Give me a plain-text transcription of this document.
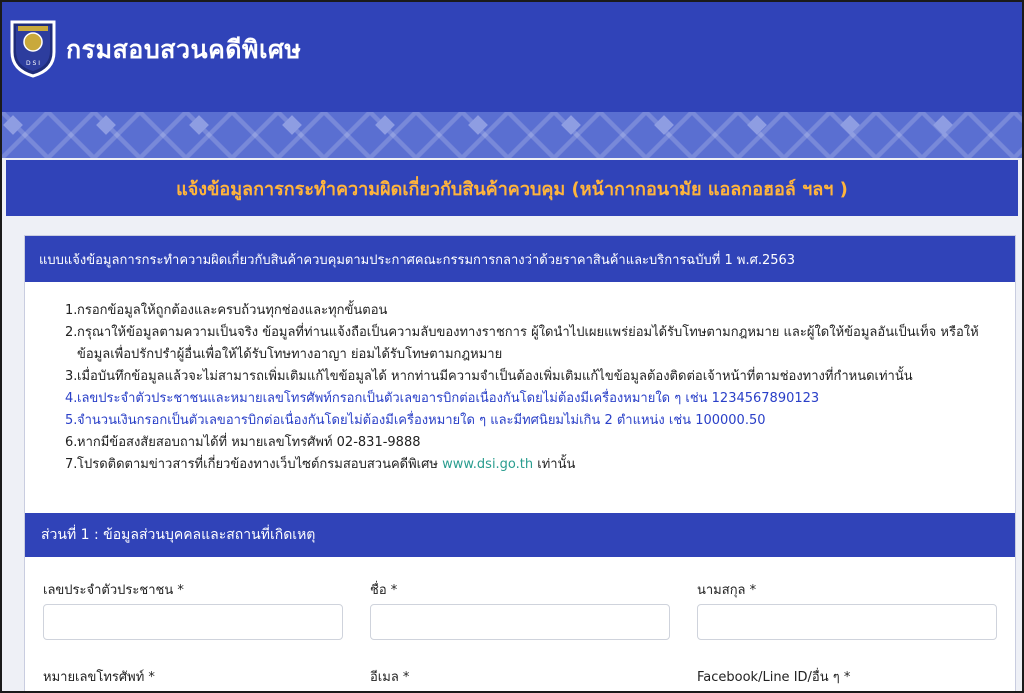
D S I กรมสอบสวนคดีพิเศษ
แจ้งข้อมูลการกระทำความผิดเกี่ยวกับสินค้าควบคุม (หน้ากากอนามัย แอลกอฮอล์ ฯลฯ )
แบบแจ้งข้อมูลการกระทำความผิดเกี่ยวกับสินค้าควบคุมตามประกาศคณะกรรมการกลางว่าด้วยราคาสินค้าและบริการฉบับที่ 1 พ.ศ.2563
1. กรอกข้อมูลให้ถูกต้องและครบถ้วนทุกช่องและทุกขั้นตอน
2. กรุณาให้ข้อมูลตามความเป็นจริง ข้อมูลที่ท่านแจ้งถือเป็นความลับของทางราชการ ผู้ใดนำไปเผยแพร่ย่อมได้รับโทษตามกฎหมาย และผู้ใดให้ข้อมูลอันเป็นเท็จ หรือให้ข้อมูลเพื่อปรักปรำผู้อื่นเพื่อให้ได้รับโทษทางอาญา ย่อมได้รับโทษตามกฎหมาย
3. เมื่อบันทึกข้อมูลแล้วจะไม่สามารถเพิ่มเติมแก้ไขข้อมูลได้ หากท่านมีความจำเป็นต้องเพิ่มเติมแก้ไขข้อมูลต้องติดต่อเจ้าหน้าที่ตามช่องทางที่กำหนดเท่านั้น
4. เลขประจำตัวประชาชนและหมายเลขโทรศัพท์กรอกเป็นตัวเลขอารบิกต่อเนื่องกันโดยไม่ต้องมีเครื่องหมายใด ๆ เช่น 1234567890123
5. จำนวนเงินกรอกเป็นตัวเลขอารบิกต่อเนื่องกันโดยไม่ต้องมีเครื่องหมายใด ๆ และมีทศนิยมไม่เกิน 2 ตำแหน่ง เช่น 100000.50
6. หากมีข้อสงสัยสอบถามได้ที่ หมายเลขโทรศัพท์ 02-831-9888
7. โปรดติดตามข่าวสารที่เกี่ยวข้องทางเว็บไซต์กรมสอบสวนคดีพิเศษ www.dsi.go.th เท่านั้น
ส่วนที่ 1 : ข้อมูลส่วนบุคคลและสถานที่เกิดเหตุ
เลขประจำตัวประชาชน *	ชื่อ *	นามสกุล *
หมายเลขโทรศัพท์ *	อีเมล *	Facebook/Line ID/อื่น ๆ *
